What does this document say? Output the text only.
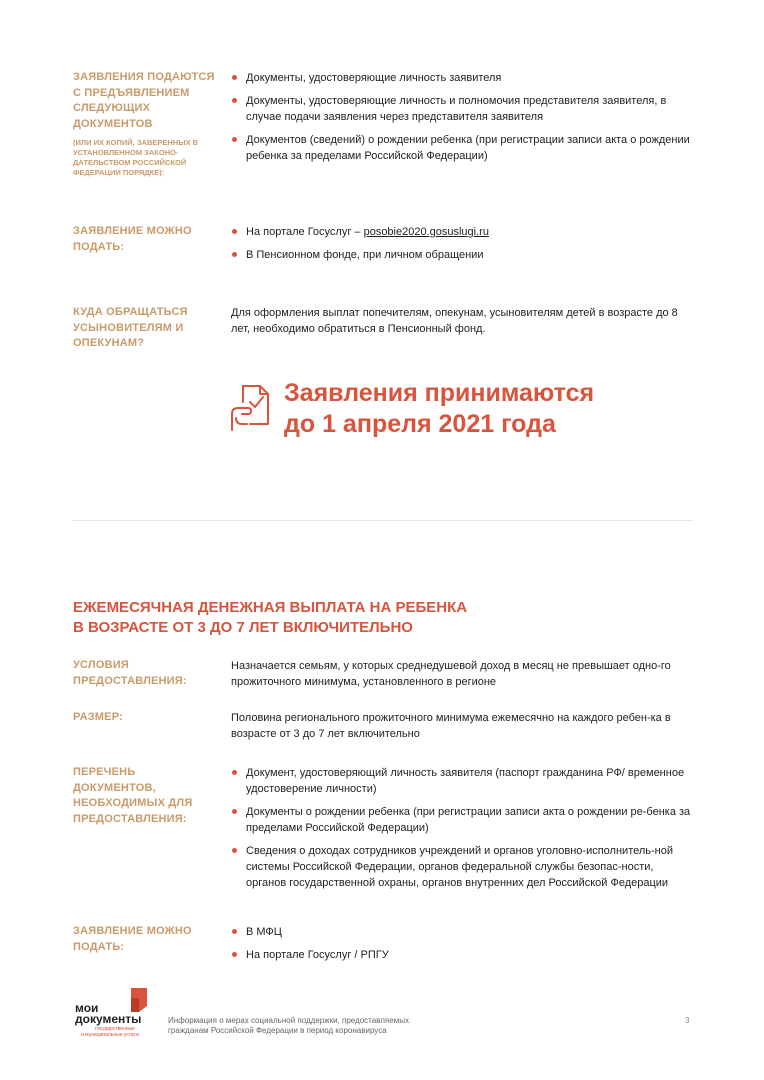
ЗАЯВЛЕНИЯ ПОДАЮТСЯ С ПРЕДЪЯВЛЕНИЕМ СЛЕДУЮЩИХ ДОКУМЕНТОВ
(ИЛИ ИХ КОПИЙ, ЗАВЕРЕННЫХ В УСТАНОВЛЕННОМ ЗАКОНО-ДАТЕЛЬСТВОМ РОССИЙСКОЙ ФЕДЕРАЦИИ ПОРЯДКЕ):
Документы, удостоверяющие личность заявителя
Документы, удостоверяющие личность и полномочия представителя заявителя, в случае подачи заявления через представителя заявителя
Документов (сведений) о рождении ребенка (при регистрации записи акта о рождении ребенка за пределами Российской Федерации)
ЗАЯВЛЕНИЕ МОЖНО ПОДАТЬ:
На портале Госуслуг – posobie2020.gosuslugi.ru
В Пенсионном фонде, при личном обращении
КУДА ОБРАЩАТЬСЯ УСЫНОВИТЕЛЯМ И ОПЕКУНАМ?
Для оформления выплат попечителям, опекунам, усыновителям детей в возрасте до 8 лет, необходимо обратиться в Пенсионный фонд.
Заявления принимаются
до 1 апреля 2021 года
ЕЖЕМЕСЯЧНАЯ ДЕНЕЖНАЯ ВЫПЛАТА НА РЕБЕНКА
В ВОЗРАСТЕ ОТ 3 ДО 7 ЛЕТ ВКЛЮЧИТЕЛЬНО
УСЛОВИЯ ПРЕДОСТАВЛЕНИЯ:
Назначается семьям, у которых среднедушевой доход в месяц не превышает одно-го прожиточного минимума, установленного в регионе
РАЗМЕР:	Половина регионального прожиточного минимума ежемесячно на каждого ребен-ка в возрасте от 3 до 7 лет включительно
ПЕРЕЧЕНЬ ДОКУМЕНТОВ, НЕОБХОДИМЫХ ДЛЯ ПРЕДОСТАВЛЕНИЯ:
Документ, удостоверяющий личность заявителя (паспорт гражданина РФ/ временное удостоверение личности)
Документы о рождении ребенка (при регистрации записи акта о рождении ре-бенка за пределами Российской Федерации)
Сведения о доходах сотрудников учреждений и органов уголовно-исполнитель-ной системы Российской Федерации, органов федеральной службы безопас-ности, органов государственной охраны, органов внутренних дел Российской Федерации
ЗАЯВЛЕНИЕ МОЖНО ПОДАТЬ:
В МФЦ
На портале Госуслуг / РПГУ
мои
документы
государственные
и муниципальные услуги
Информация о мерах социальной поддержки, предоставляемых
гражданам Российской Федерации в период коронавируса
3
